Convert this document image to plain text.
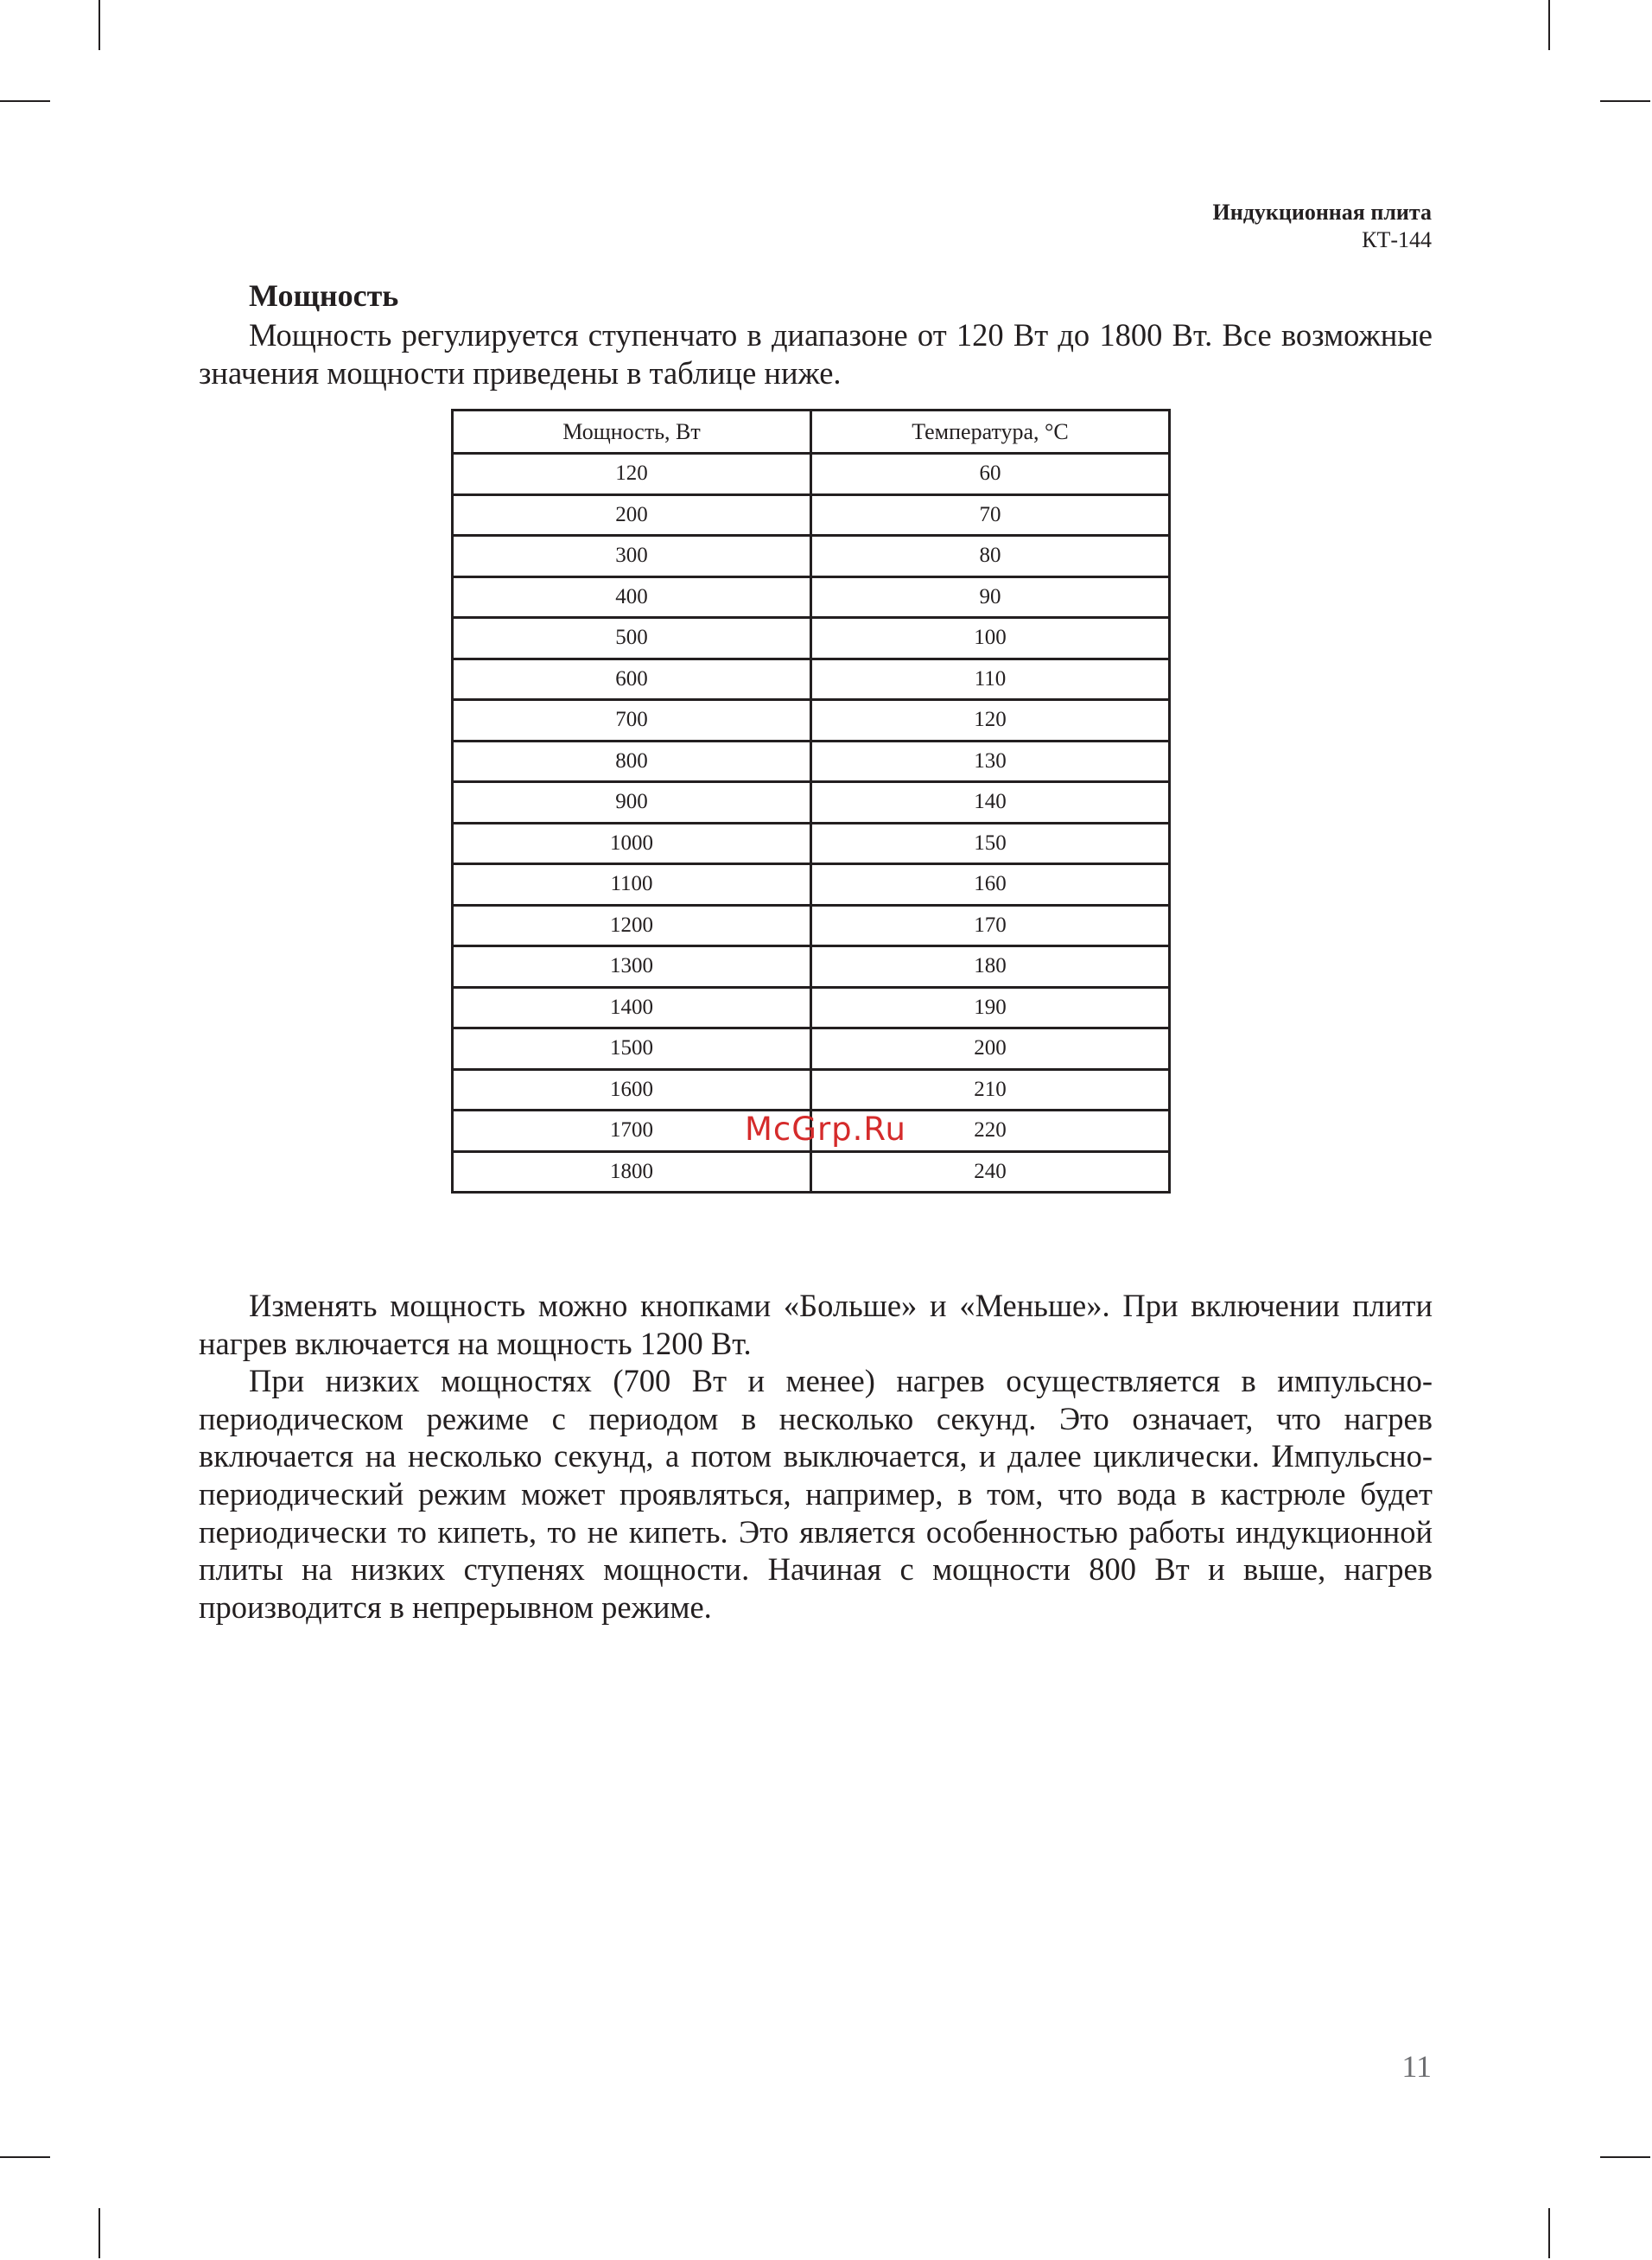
Индукционная плита
КТ-144
Мощность

Мощность регулируется ступенчато в диапазоне от 120 Вт до 1800 Вт. Все возможные значения мощности приведены в таблице ниже.

Мощность, Вт	Температура, °C
120	60
200	70
300	80
400	90
500	100
600	110
700	120
800	130
900	140
1000	150
1100	160
1200	170
1300	180
1400	190
1500	200
1600	210
1700	220
1800	240

Изменять мощность можно кнопками «Больше» и «Меньше». При включении плити нагрев включается на мощность 1200 Вт.

При низких мощностях (700 Вт и менее) нагрев осуществляется в импульсно-периодическом режиме с периодом в несколько секунд. Это означает, что нагрев включается на несколько секунд, а потом выключается, и далее циклически. Импульсно-периодический режим может проявляться, например, в том, что вода в кастрюле будет периодически то кипеть, то не кипеть. Это является особенностью работы индукционной плиты на низких ступенях мощности. Начиная с мощности 800 Вт и выше, нагрев производится в непрерывном режиме.

McGrp.Ru
11
